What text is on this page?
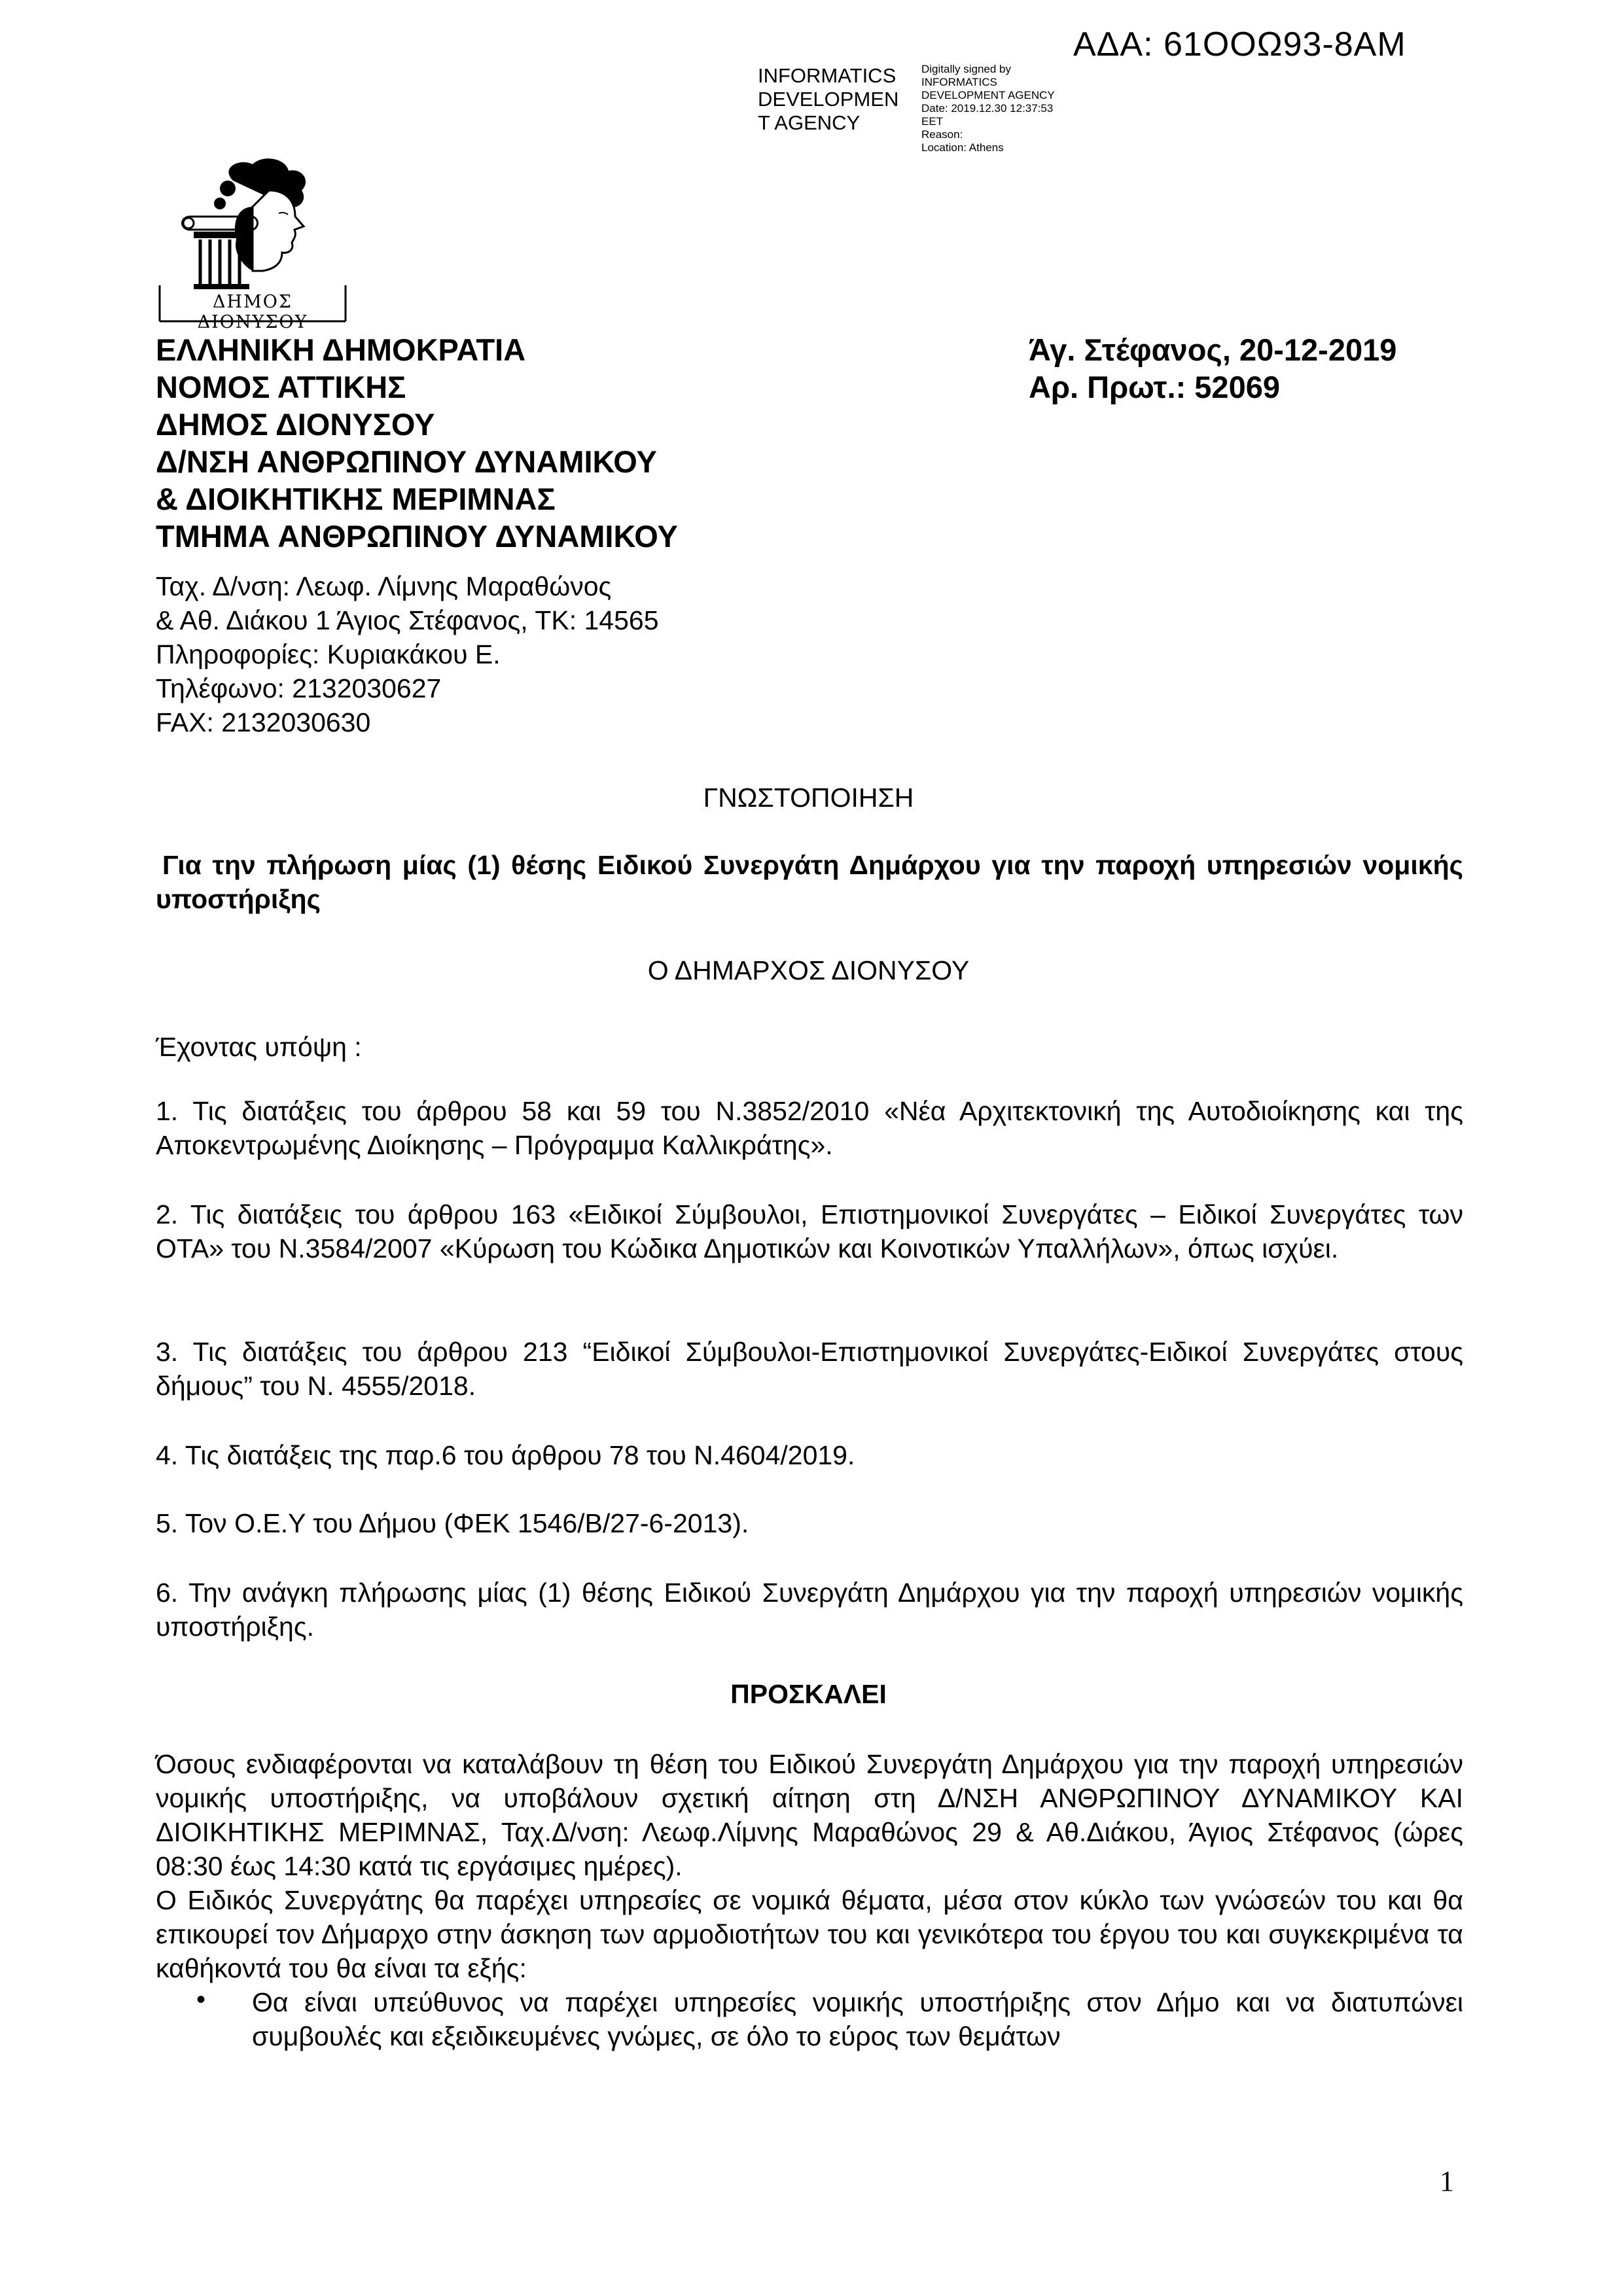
ΑΔΑ: 61ΟΟΩ93-8ΑΜ
INFORMATICS
DEVELOPMEN
T AGENCY
Digitally signed by
INFORMATICS
DEVELOPMENT AGENCY
Date: 2019.12.30 12:37:53
EET
Reason:
Location: Athens
ΔΗΜΟΣ ΔΙΟΝΥΣΟΥ
ΕΛΛΗΝΙΚΗ ΔΗΜΟΚΡΑΤΙΑ
ΝΟΜΟΣ ΑΤΤΙΚΗΣ
ΔΗΜΟΣ ΔΙΟΝΥΣΟΥ
Δ/ΝΣΗ ΑΝΘΡΩΠΙΝΟΥ ΔΥΝΑΜΙΚΟΥ
& ΔΙΟΙΚΗΤΙΚΗΣ ΜΕΡΙΜΝΑΣ
ΤΜΗΜΑ ΑΝΘΡΩΠΙΝΟΥ ΔΥΝΑΜΙΚΟΥ
Ταχ. Δ/νση: Λεωφ. Λίμνης Μαραθώνος
& Αθ. Διάκου 1 Άγιος Στέφανος, ΤΚ: 14565
Πληροφορίες: Κυριακάκου Ε.
Τηλέφωνο: 2132030627
FAX: 2132030630
Άγ. Στέφανος, 20-12-2019
Αρ. Πρωτ.: 52069
ΓΝΩΣΤΟΠΟΙΗΣΗ
Για την πλήρωση μίας (1) θέσης Ειδικού Συνεργάτη Δημάρχου για την παροχή υπηρεσιών νομικής υποστήριξης
Ο ΔΗΜΑΡΧΟΣ ΔΙΟΝΥΣΟΥ
Έχοντας υπόψη :
1. Τις διατάξεις του άρθρου 58 και 59 του Ν.3852/2010 «Νέα Αρχιτεκτονική της Αυτοδιοίκησης και της Αποκεντρωμένης Διοίκησης – Πρόγραμμα Καλλικράτης».
2. Τις διατάξεις του άρθρου 163 «Ειδικοί Σύμβουλοι, Επιστημονικοί Συνεργάτες – Ειδικοί Συνεργάτες των ΟΤΑ» του Ν.3584/2007 «Κύρωση του Κώδικα Δημοτικών και Κοινοτικών Υπαλλήλων», όπως ισχύει.
3. Τις διατάξεις του άρθρου 213 “Ειδικοί Σύμβουλοι-Επιστημονικοί Συνεργάτες-Ειδικοί Συνεργάτες στους δήμους” του Ν. 4555/2018.
4. Τις διατάξεις της παρ.6 του άρθρου 78 του Ν.4604/2019.
5. Τον Ο.Ε.Υ του Δήμου (ΦΕΚ 1546/Β/27-6-2013).
6. Την ανάγκη πλήρωσης μίας (1) θέσης Ειδικού Συνεργάτη Δημάρχου για την παροχή υπηρεσιών νομικής υποστήριξης.
ΠΡΟΣΚΑΛΕΙ
Όσους ενδιαφέρονται να καταλάβουν τη θέση του Ειδικού Συνεργάτη Δημάρχου για την παροχή υπηρεσιών νομικής υποστήριξης, να υποβάλουν σχετική αίτηση στη Δ/ΝΣΗ ΑΝΘΡΩΠΙΝΟΥ ΔΥΝΑΜΙΚΟΥ ΚΑΙ ΔΙΟΙΚΗΤΙΚΗΣ ΜΕΡΙΜΝΑΣ, Ταχ.Δ/νση: Λεωφ.Λίμνης Μαραθώνος 29 & Αθ.Διάκου, Άγιος Στέφανος (ώρες 08:30 έως 14:30 κατά τις εργάσιμες ημέρες).
Ο Ειδικός Συνεργάτης θα παρέχει υπηρεσίες σε νομικά θέματα, μέσα στον κύκλο των γνώσεών του και θα επικουρεί τον Δήμαρχο στην άσκηση των αρμοδιοτήτων του και γενικότερα του έργου του και συγκεκριμένα τα καθήκοντά του θα είναι τα εξής:
• Θα είναι υπεύθυνος να παρέχει υπηρεσίες νομικής υποστήριξης στον Δήμο και να διατυπώνει συμβουλές και εξειδικευμένες γνώμες, σε όλο το εύρος των θεμάτων
1
